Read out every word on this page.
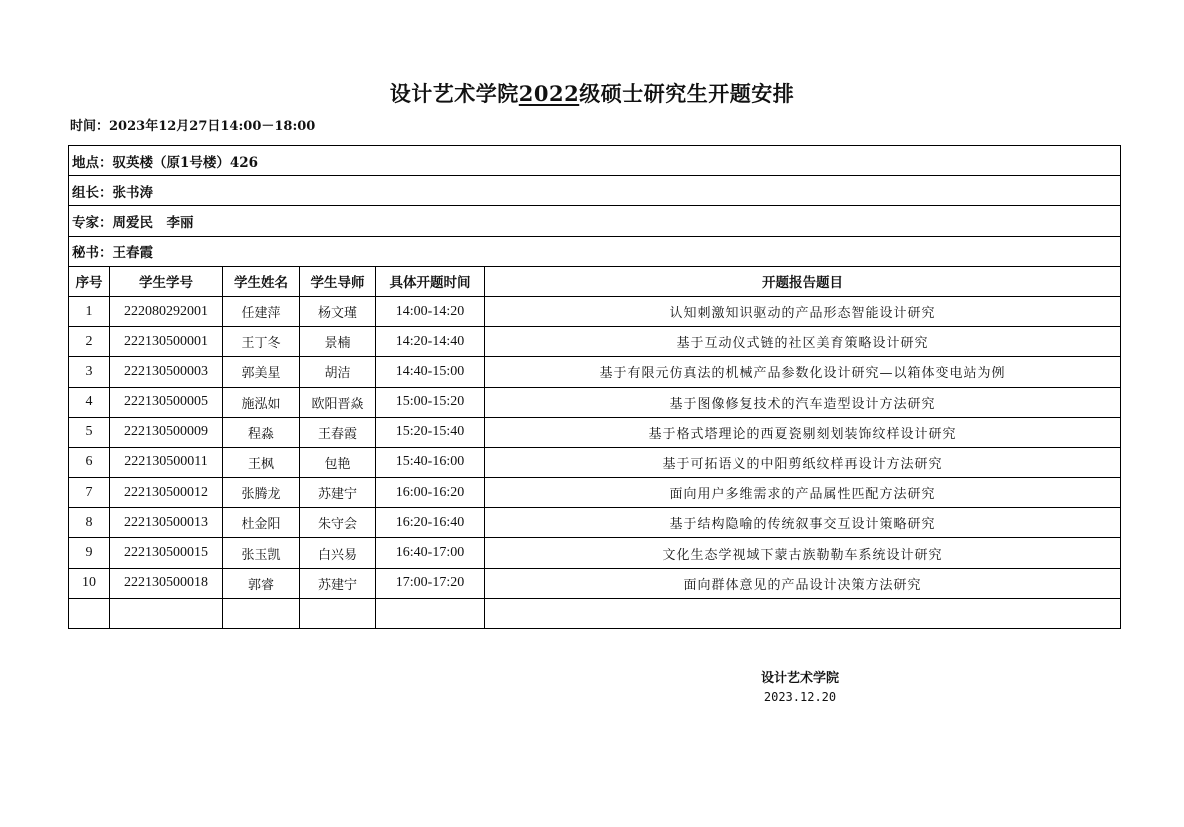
设计艺术学院2022级硕士研究生开题安排
时间：2023年12月27日14:00－18:00
地点：驭英楼（原1号楼）426					
组长：张书涛					
专家：周爱民　李丽					
秘书：王春霞					
序号	学生学号	学生姓名	学生导师	具体开题时间	开题报告题目
1	222080292001	任建萍	杨文瑾	14:00-14:20	认知刺激知识驱动的产品形态智能设计研究
2	222130500001	王丁冬	景楠	14:20-14:40	基于互动仪式链的社区美育策略设计研究
3	222130500003	郭美星	胡洁	14:40-15:00	基于有限元仿真法的机械产品参数化设计研究—以箱体变电站为例
4	222130500005	施泓如	欧阳晋焱	15:00-15:20	基于图像修复技术的汽车造型设计方法研究
5	222130500009	程淼	王春霞	15:20-15:40	基于格式塔理论的西夏瓷剔刻划装饰纹样设计研究
6	222130500011	王枫	包艳	15:40-16:00	基于可拓语义的中阳剪纸纹样再设计方法研究
7	222130500012	张腾龙	苏建宁	16:00-16:20	面向用户多维需求的产品属性匹配方法研究
8	222130500013	杜金阳	朱守会	16:20-16:40	基于结构隐喻的传统叙事交互设计策略研究
9	222130500015	张玉凯	白兴易	16:40-17:00	文化生态学视域下蒙古族勒勒车系统设计研究
10	222130500018	郭睿	苏建宁	17:00-17:20	面向群体意见的产品设计决策方法研究

设计艺术学院
2023.12.20
